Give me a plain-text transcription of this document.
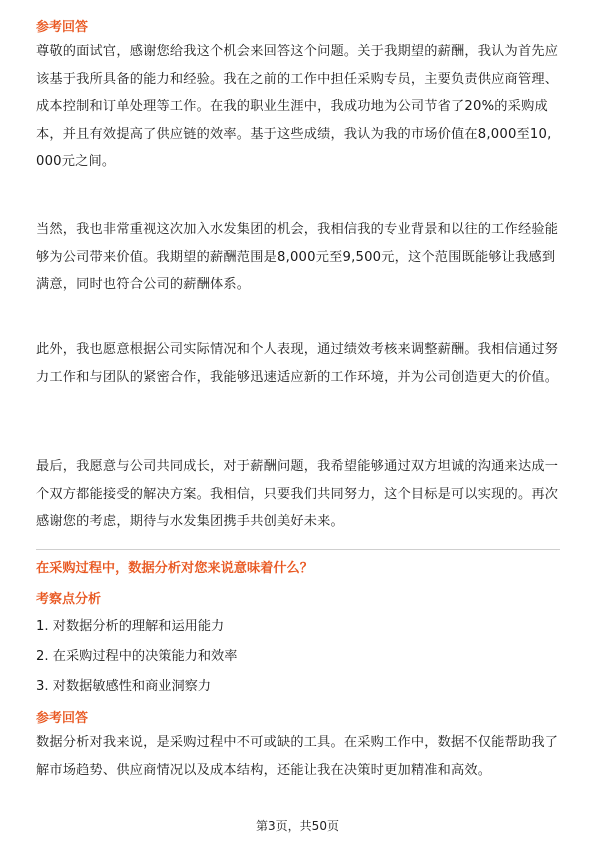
参考回答
尊敬的面试官，感谢您给我这个机会来回答这个问题。关于我期望的薪酬，我认为首先应该基于我所具备的能力和经验。我在之前的工作中担任采购专员，主要负责供应商管理、成本控制和订单处理等工作。在我的职业生涯中，我成功地为公司节省了20%的采购成本，并且有效提高了供应链的效率。基于这些成绩，我认为我的市场价值在8,000至10,000元之间。
当然，我也非常重视这次加入水发集团的机会，我相信我的专业背景和以往的工作经验能够为公司带来价值。我期望的薪酬范围是8,000元至9,500元，这个范围既能够让我感到满意，同时也符合公司的薪酬体系。
此外，我也愿意根据公司实际情况和个人表现，通过绩效考核来调整薪酬。我相信通过努力工作和与团队的紧密合作，我能够迅速适应新的工作环境，并为公司创造更大的价值。
最后，我愿意与公司共同成长，对于薪酬问题，我希望能够通过双方坦诚的沟通来达成一个双方都能接受的解决方案。我相信，只要我们共同努力，这个目标是可以实现的。再次感谢您的考虑，期待与水发集团携手共创美好未来。
在采购过程中，数据分析对您来说意味着什么？
考察点分析
1. 对数据分析的理解和运用能力
2. 在采购过程中的决策能力和效率
3. 对数据敏感性和商业洞察力
参考回答
数据分析对我来说，是采购过程中不可或缺的工具。在采购工作中，数据不仅能帮助我了解市场趋势、供应商情况以及成本结构，还能让我在决策时更加精准和高效。
第3页，共50页
